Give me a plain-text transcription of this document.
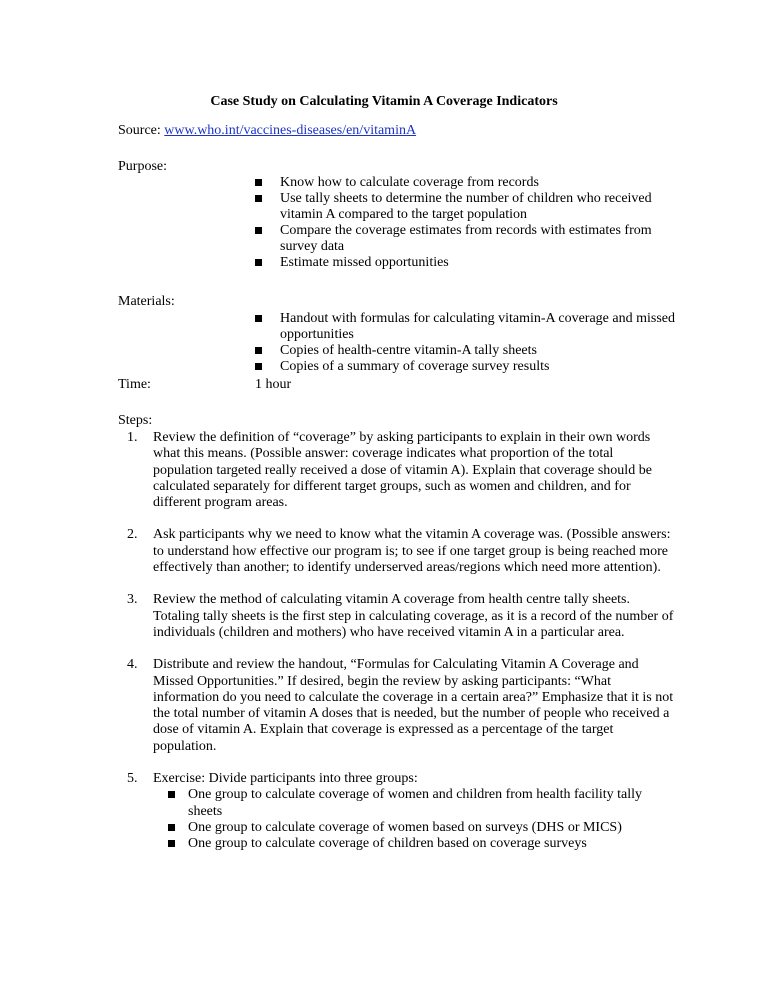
Case Study on Calculating Vitamin A Coverage Indicators
Source: www.who.int/vaccines-diseases/en/vitaminA
Purpose:
Know how to calculate coverage from records
Use tally sheets to determine the number of children who received vitamin A compared to the target population
Compare the coverage estimates from records with estimates from survey data
Estimate missed opportunities
Materials:
Handout with formulas for calculating vitamin-A coverage and missed opportunities
Copies of health-centre vitamin-A tally sheets
Copies of a summary of coverage survey results
Time:	1 hour
Steps:
1. Review the definition of “coverage” by asking participants to explain in their own words what this means. (Possible answer: coverage indicates what proportion of the total population targeted really received a dose of vitamin A). Explain that coverage should be calculated separately for different target groups, such as women and children, and for different program areas.
2. Ask participants why we need to know what the vitamin A coverage was. (Possible answers: to understand how effective our program is; to see if one target group is being reached more effectively than another; to identify underserved areas/regions which need more attention).
3. Review the method of calculating vitamin A coverage from health centre tally sheets. Totaling tally sheets is the first step in calculating coverage, as it is a record of the number of individuals (children and mothers) who have received vitamin A in a particular area.
4. Distribute and review the handout, “Formulas for Calculating Vitamin A Coverage and Missed Opportunities.” If desired, begin the review by asking participants: “What information do you need to calculate the coverage in a certain area?” Emphasize that it is not the total number of vitamin A doses that is needed, but the number of people who received a dose of vitamin A. Explain that coverage is expressed as a percentage of the target population.
5. Exercise: Divide participants into three groups:
One group to calculate coverage of women and children from health facility tally sheets
One group to calculate coverage of women based on surveys (DHS or MICS)
One group to calculate coverage of children based on coverage surveys
